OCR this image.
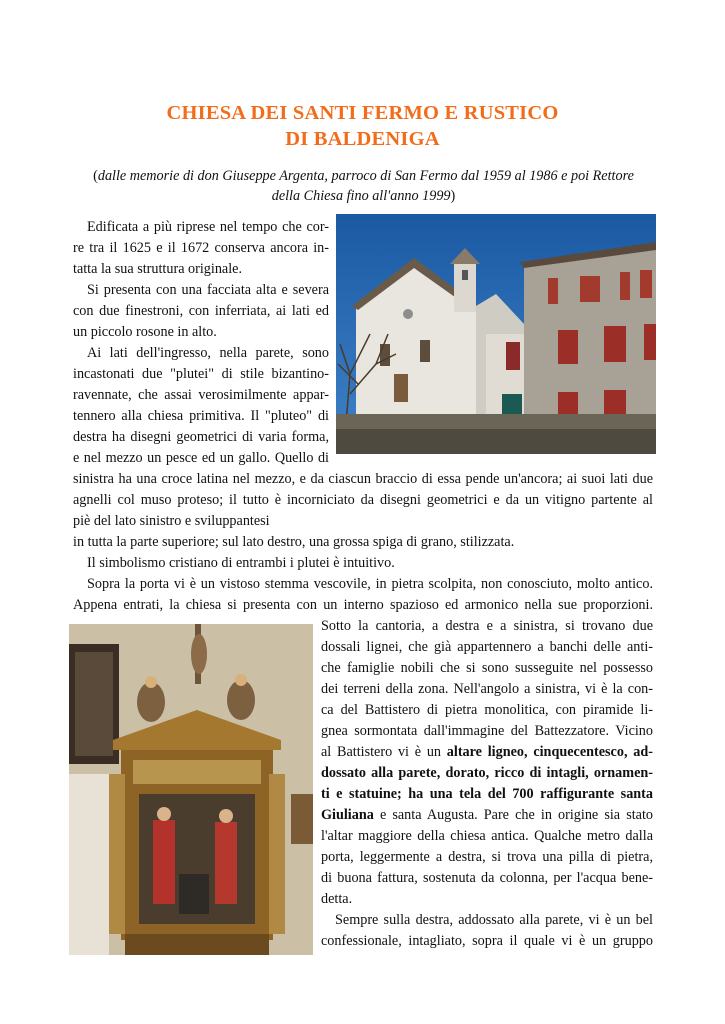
CHIESA DEI SANTI FERMO E RUSTICO
DI BALDENIGA
(dalle memorie di don Giuseppe Argenta, parroco di San Fermo dal 1959 al 1986 e poi Rettore
della Chiesa fino all'anno 1999)
Edificata a più riprese nel tempo che cor-
re tra il 1625 e il 1672 conserva ancora in-
tatta la sua struttura originale.
Si presenta con una facciata alta e severa
con due finestroni, con inferriata, ai lati ed
un piccolo rosone in alto.
Ai lati dell'ingresso, nella parete, sono
incastonati due "plutei" di stile bizantino-
ravennate, che assai verosimilmente appar-
tennero alla chiesa primitiva. Il "pluteo" di
destra ha disegni geometrici di varia forma,
e nel mezzo un pesce ed un gallo. Quello di
sinistra ha una croce latina nel mezzo, e da ciascun braccio di essa pende un'ancora; ai suoi lati due
agnelli col muso proteso; il tutto è incorniciato da disegni geometrici e da un vitigno partente al
piè del lato sinistro e sviluppantesi
in tutta la parte superiore; sul lato destro, una grossa spiga di grano, stilizzata.
Il simbolismo cristiano di entrambi i plutei è intuitivo.
Sopra la porta vi è un vistoso stemma vescovile, in pietra scolpita, non conosciuto, molto antico.
Appena entrati, la chiesa si presenta con un interno spazioso ed armonico nella sue proporzioni.
Sotto la cantoria, a destra e a sinistra, si trovano due
dossali lignei, che già appartennero a banchi delle anti-
che famiglie nobili che si sono susseguite nel possesso
dei terreni della zona. Nell'angolo a sinistra, vi è la con-
ca del Battistero di pietra monolitica, con piramide li-
gnea sormontata dall'immagine del Battezzatore. Vicino
al Battistero vi è un altare ligneo, cinquecentesco, ad-
dossato alla parete, dorato, ricco di intagli, ornamen-
ti e statuine; ha una tela del 700 raffigurante santa
Giuliana e santa Augusta. Pare che in origine sia stato
l'altar maggiore della chiesa antica. Qualche metro dalla
porta, leggermente a destra, si trova una pilla di pietra,
di buona fattura, sostenuta da colonna, per l'acqua bene-
detta.
Sempre sulla destra, addossato alla parete, vi è un bel
confessionale, intagliato, sopra il quale vi è un gruppo
